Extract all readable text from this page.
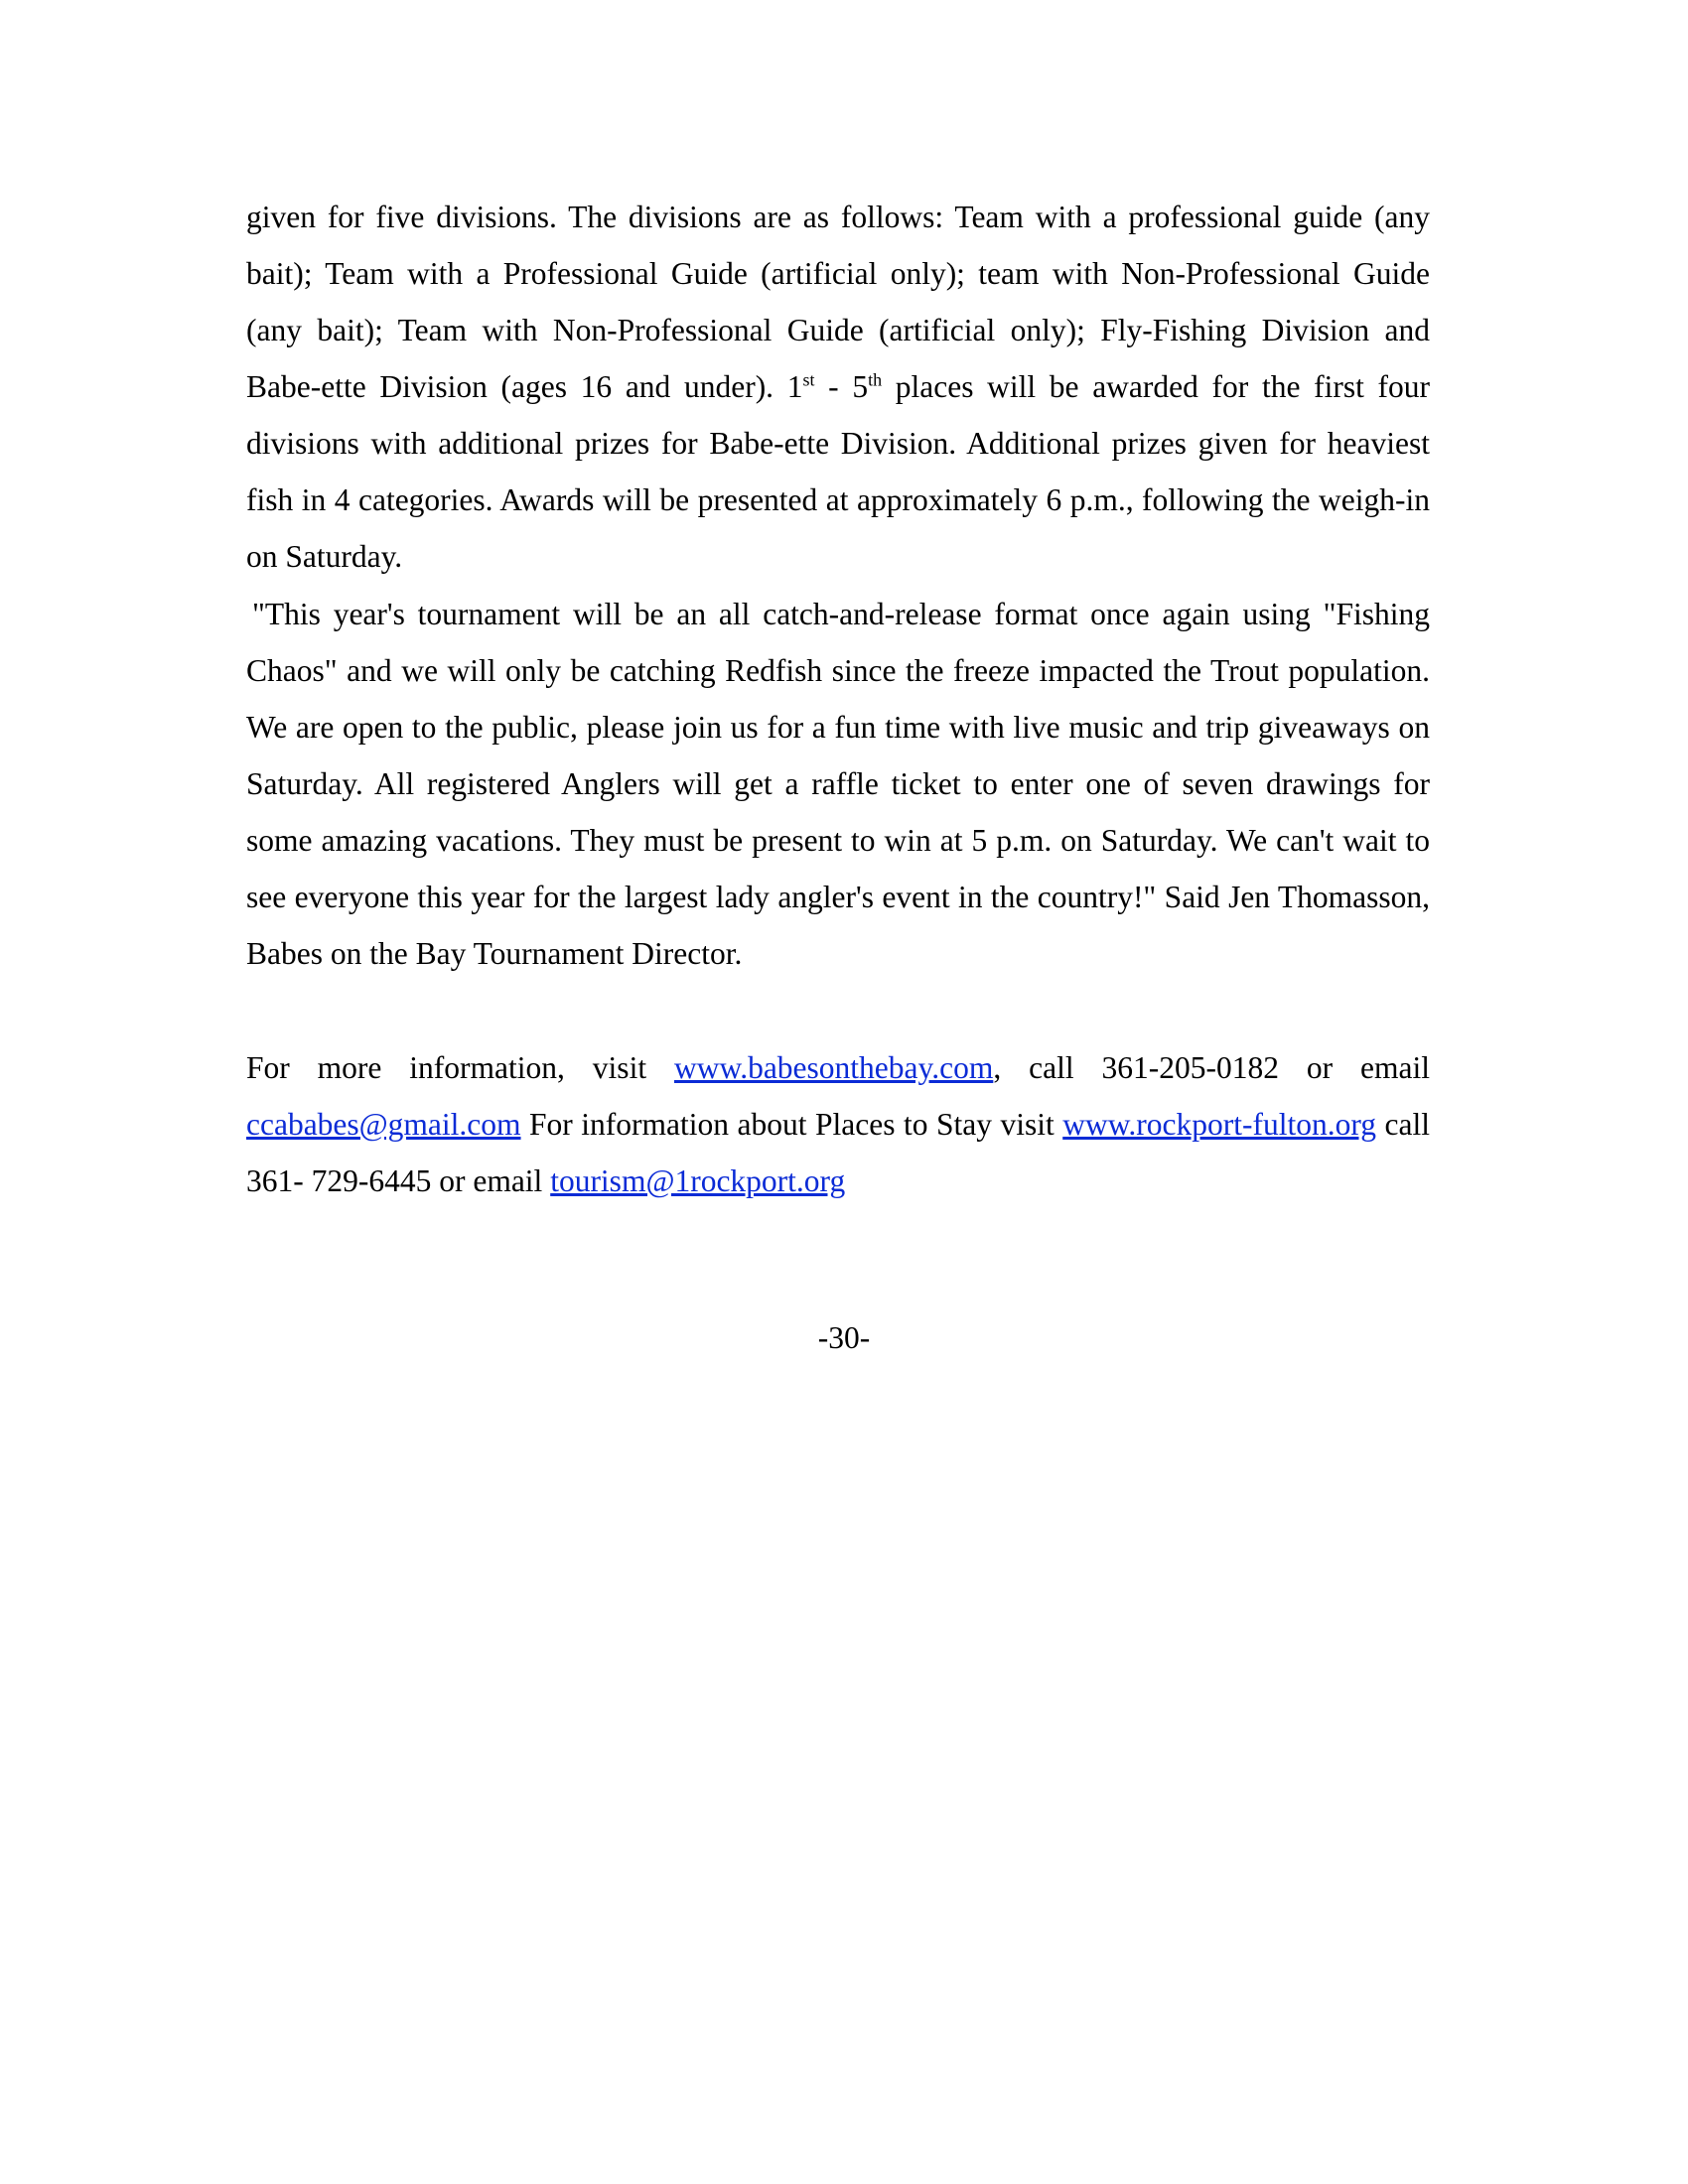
given for five divisions. The divisions are as follows: Team with a professional guide (any bait); Team with a Professional Guide (artificial only); team with Non-Professional Guide (any bait); Team with Non-Professional Guide (artificial only); Fly-Fishing Division and Babe-ette Division (ages 16 and under). 1st - 5th places will be awarded for the first four divisions with additional prizes for Babe-ette Division. Additional prizes given for heaviest fish in 4 categories. Awards will be presented at approximately 6 p.m., following the weigh-in on Saturday.

"This year's tournament will be an all catch-and-release format once again using "Fishing Chaos" and we will only be catching Redfish since the freeze impacted the Trout population. We are open to the public, please join us for a fun time with live music and trip giveaways on Saturday. All registered Anglers will get a raffle ticket to enter one of seven drawings for some amazing vacations. They must be present to win at 5 p.m. on Saturday. We can't wait to see everyone this year for the largest lady angler's event in the country!" Said Jen Thomasson, Babes on the Bay Tournament Director.

For more information, visit www.babesonthebay.com, call 361-205-0182 or email ccababes@gmail.com For information about Places to Stay visit www.rockport-fulton.org call 361- 729-6445 or email tourism@1rockport.org

-30-
